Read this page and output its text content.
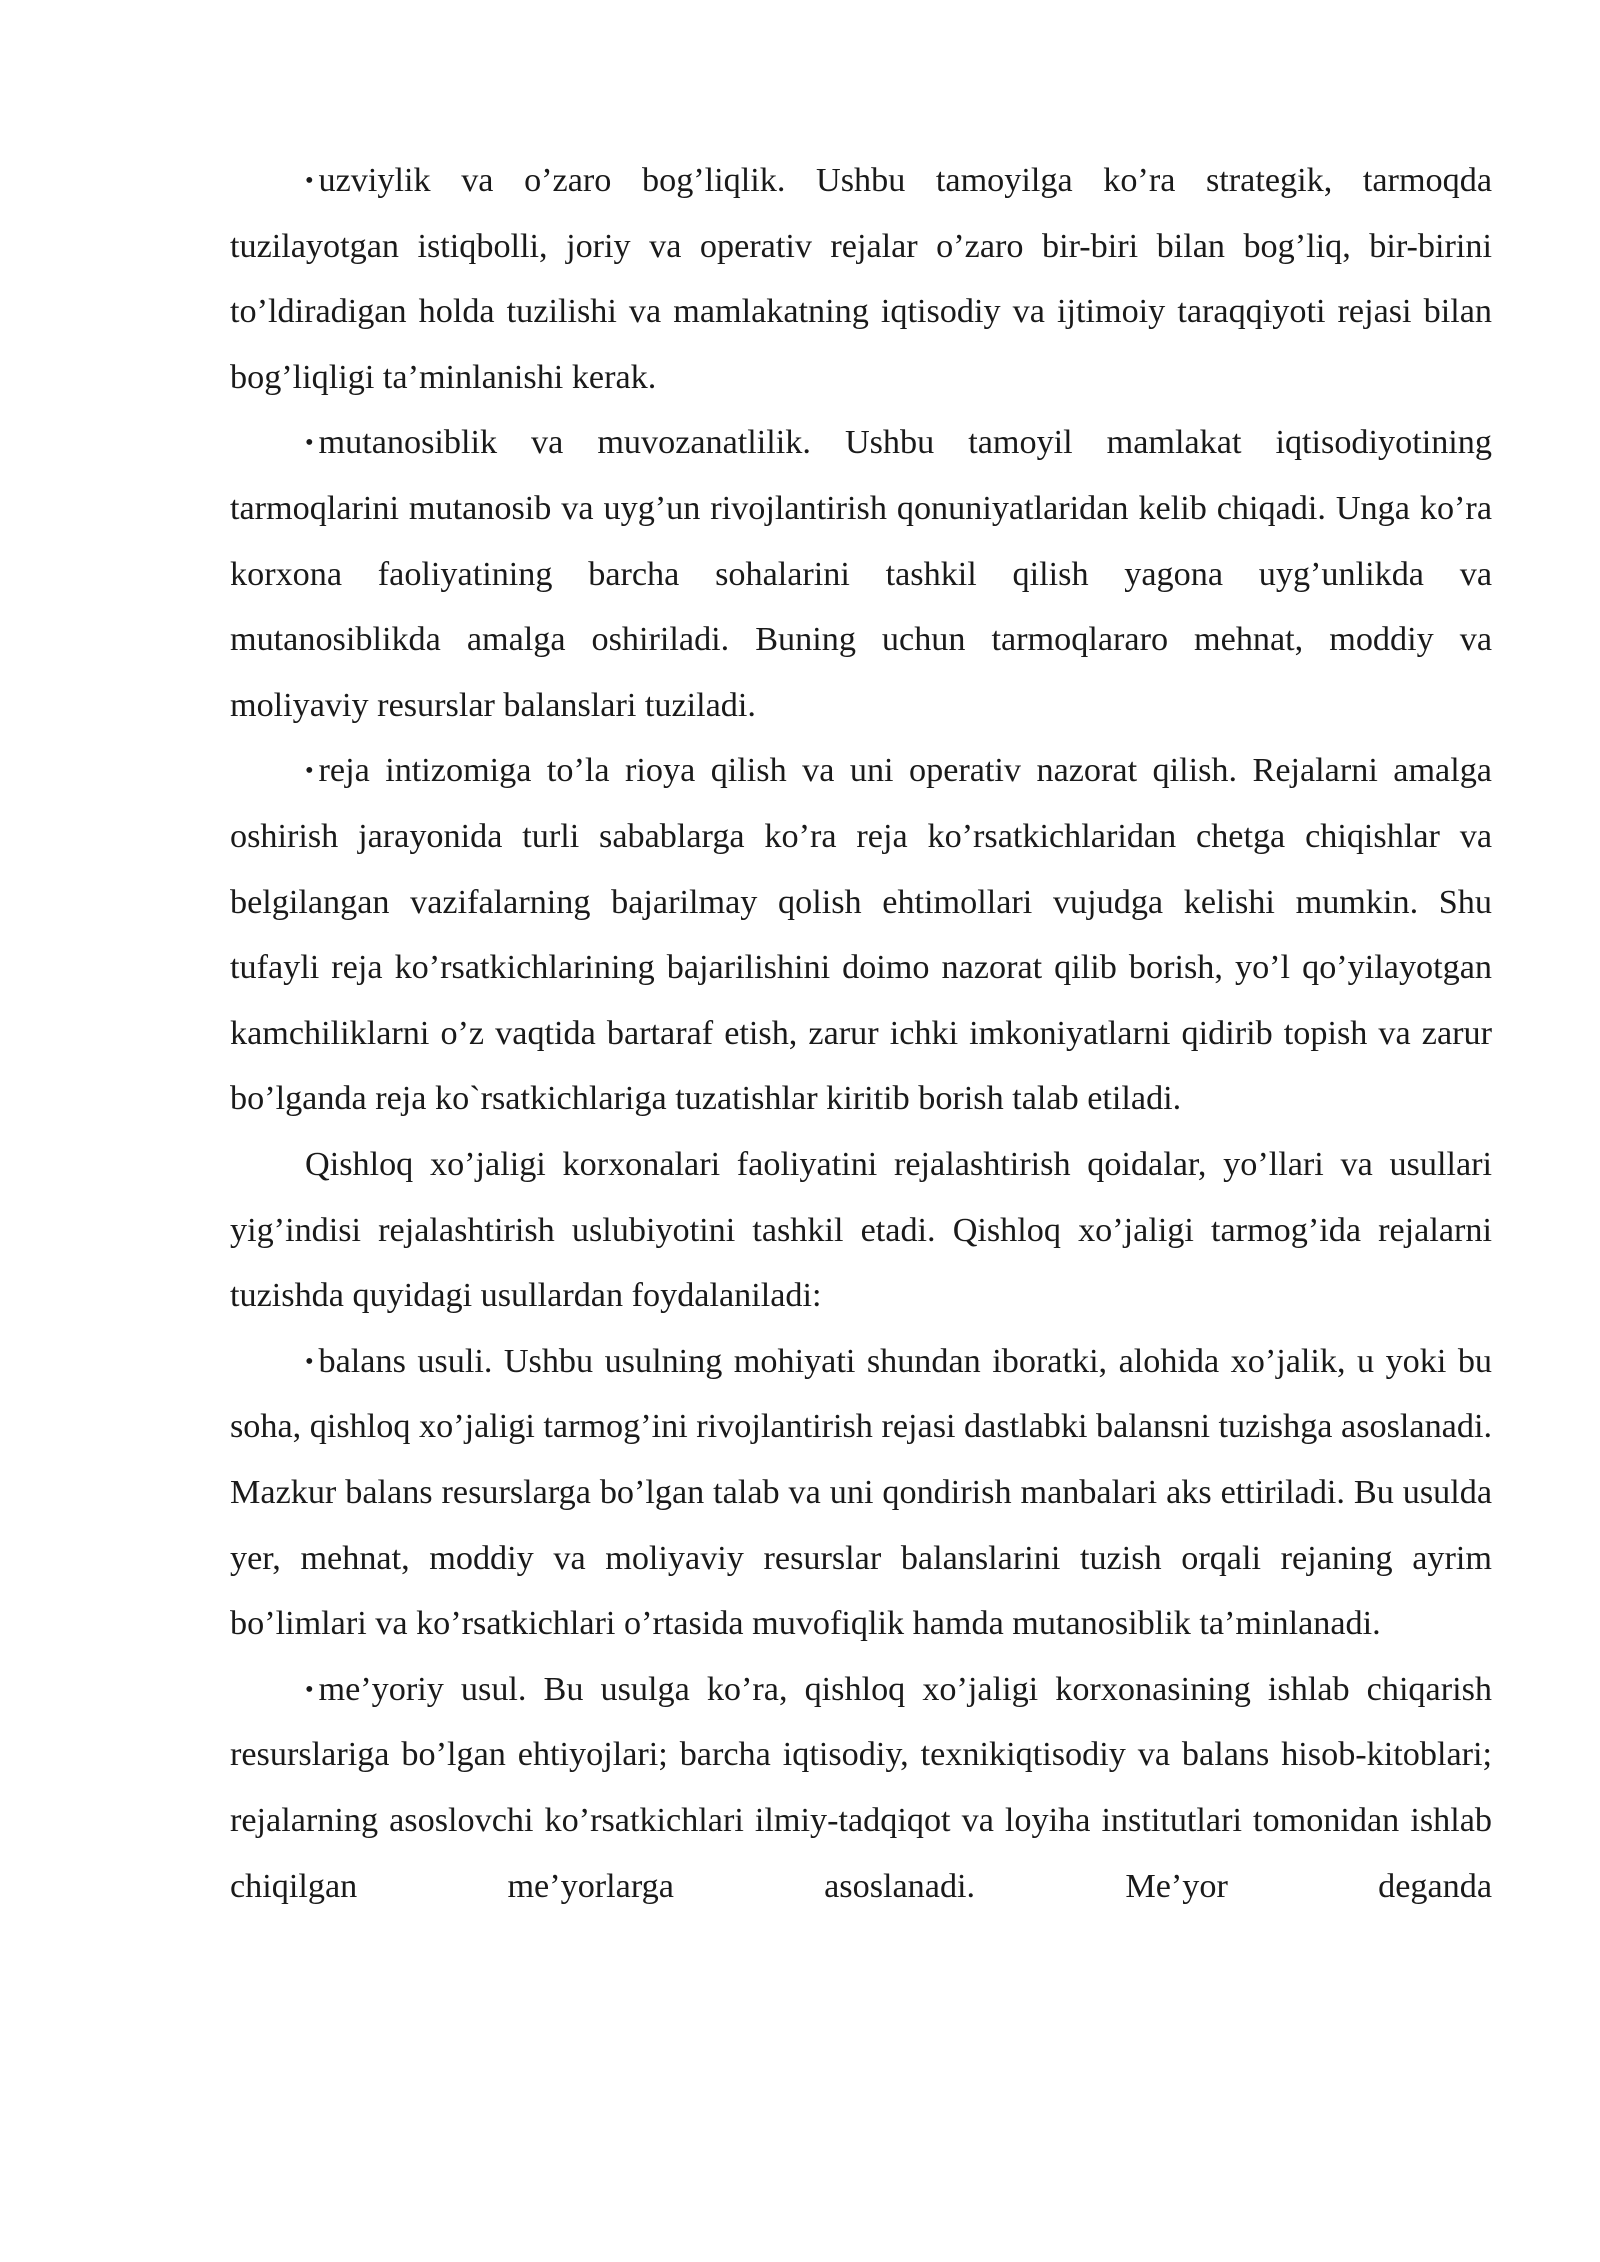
• uzviylik va o’zaro bog’liqlik. Ushbu tamoyilga ko’ra strategik, tarmoqda tuzilayotgan istiqbolli, joriy va operativ rejalar o’zaro bir-biri bilan bog’liq, bir-birini to’ldiradigan holda tuzilishi va mamlakatning iqtisodiy va ijtimoiy taraqqiyoti rejasi bilan bog’liqligi ta’minlanishi kerak.

• mutanosiblik va muvozanatlilik. Ushbu tamoyil mamlakat iqtisodiyotining tarmoqlarini mutanosib va uyg’un rivojlantirish qonuniyatlaridan kelib chiqadi. Unga ko’ra korxona faoliyatining barcha sohalarini tashkil qilish yagona uyg’unlikda va mutanosiblikda amalga oshiriladi. Buning uchun tarmoqlararo mehnat, moddiy va moliyaviy resurslar balanslari tuziladi.

• reja intizomiga to’la rioya qilish va uni operativ nazorat qilish. Rejalarni amalga oshirish jarayonida turli sabablarga ko’ra reja ko’rsatkichlaridan chetga chiqishlar va belgilangan vazifalarning bajarilmay qolish ehtimollari vujudga kelishi mumkin. Shu tufayli reja ko’rsatkichlarining bajarilishini doimo nazorat qilib borish, yo’l qo’yilayotgan kamchiliklarni o’z vaqtida bartaraf etish, zarur ichki imkoniyatlarni qidirib topish va zarur bo’lganda reja ko`rsatkichlariga tuzatishlar kiritib borish talab etiladi.

Qishloq xo’jaligi korxonalari faoliyatini rejalashtirish qoidalar, yo’llari va usullari yig’indisi rejalashtirish uslubiyotini tashkil etadi. Qishloq xo’jaligi tarmog’ida rejalarni tuzishda quyidagi usullardan foydalaniladi:

• balans usuli. Ushbu usulning mohiyati shundan iboratki, alohida xo’jalik, u yoki bu soha, qishloq xo’jaligi tarmog’ini rivojlantirish rejasi dastlabki balansni tuzishga asoslanadi. Mazkur balans resurslarga bo’lgan talab va uni qondirish manbalari aks ettiriladi. Bu usulda yer, mehnat, moddiy va moliyaviy resurslar balanslarini tuzish orqali rejaning ayrim bo’limlari va ko’rsatkichlari o’rtasida muvofiqlik hamda mutanosiblik ta’minlanadi.

• me’yoriy usul. Bu usulga ko’ra, qishloq xo’jaligi korxonasining ishlab chiqarish resurslariga bo’lgan ehtiyojlari; barcha iqtisodiy, texnikiqtisodiy va balans hisob-kitoblari; rejalarning asoslovchi ko’rsatkichlari ilmiy-tadqiqot va loyiha institutlari tomonidan ishlab chiqilgan me’yorlarga asoslanadi. Me’yor deganda
